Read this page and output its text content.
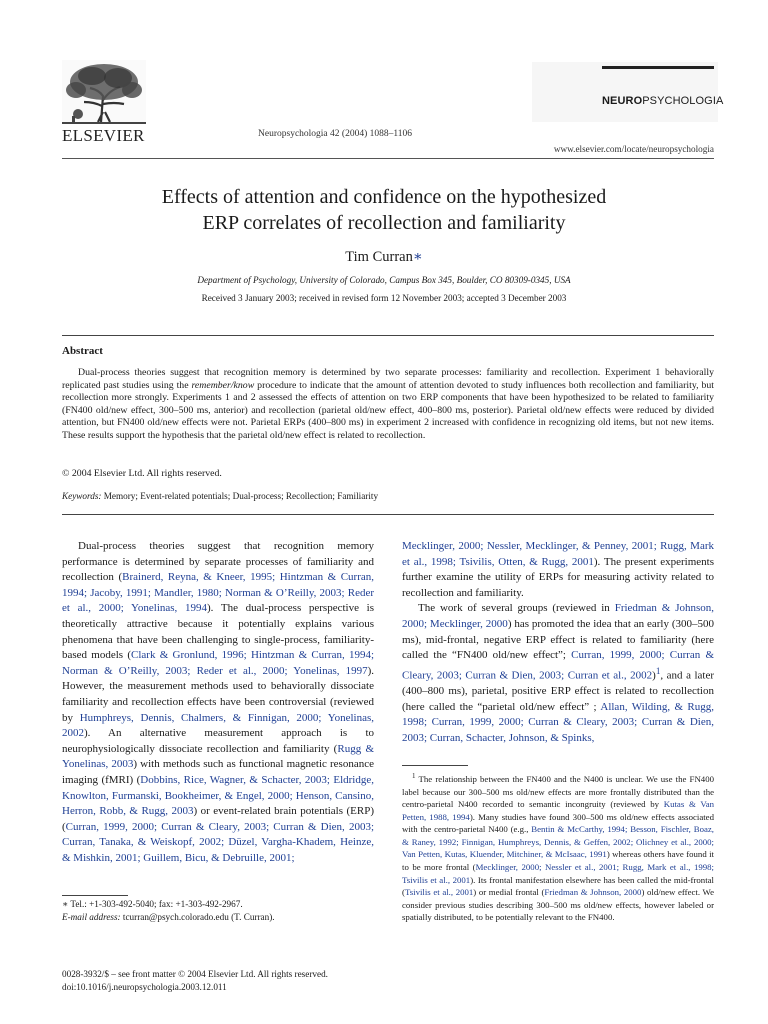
ELSEVIER	Neuropsychologia 42 (2004) 1088–1106
NEUROPSYCHOLOGIA
www.elsevier.com/locate/neuropsychologia
Effects of attention and confidence on the hypothesized
ERP correlates of recollection and familiarity
Tim Curran∗
Department of Psychology, University of Colorado, Campus Box 345, Boulder, CO 80309-0345, USA
Received 3 January 2003; received in revised form 12 November 2003; accepted 3 December 2003
Abstract
Dual-process theories suggest that recognition memory is determined by two separate processes: familiarity and recollection. Experiment 1 behaviorally replicated past studies using the remember/know procedure to indicate that the amount of attention devoted to study influences both recollection and familiarity, but recollection more strongly. Experiments 1 and 2 assessed the effects of attention on two ERP components that have been hypothesized to be related to familiarity (FN400 old/new effect, 300–500 ms, anterior) and recollection (parietal old/new effect, 400–800 ms, posterior). Parietal old/new effects were reduced by divided attention, but FN400 old/new effects were not. Parietal ERPs (400–800 ms) in experiment 2 increased with confidence in recognizing old items, but not new items. These results support the hypothesis that the parietal old/new effect is related to recollection.
© 2004 Elsevier Ltd. All rights reserved.
Keywords: Memory; Event-related potentials; Dual-process; Recollection; Familiarity

Dual-process theories suggest that recognition memory performance is determined by separate processes of familiarity and recollection (Brainerd, Reyna, & Kneer, 1995; Hintzman & Curran, 1994; Jacoby, 1991; Mandler, 1980; Norman & O’Reilly, 2003; Reder et al., 2000; Yonelinas, 1994). The dual-process perspective is theoretically attractive because it potentially explains various phenomena that have been challenging to single-process, familiarity-based models (Clark & Gronlund, 1996; Hintzman & Curran, 1994; Norman & O’Reilly, 2003; Reder et al., 2000; Yonelinas, 1997). However, the measurement methods used to behaviorally dissociate familiarity and recollection effects have been controversial (reviewed by Humphreys, Dennis, Chalmers, & Finnigan, 2000; Yonelinas, 2002). An alternative measurement approach is to neurophysiologically dissociate recollection and familiarity (Rugg & Yonelinas, 2003) with methods such as functional magnetic resonance imaging (fMRI) (Dobbins, Rice, Wagner, & Schacter, 2003; Eldridge, Knowlton, Furmanski, Bookheimer, & Engel, 2000; Henson, Cansino, Herron, Robb, & Rugg, 2003) or event-related brain potentials (ERP) (Curran, 1999, 2000; Curran & Cleary, 2003; Curran & Dien, 2003; Curran, Tanaka, & Weiskopf, 2002; Düzel, Vargha-Khadem, Heinze, & Mishkin, 2001; Guillem, Bicu, & Debruille, 2001;

∗ Tel.: +1-303-492-5040; fax: +1-303-492-2967.
E-mail address: tcurran@psych.colorado.edu (T. Curran).

Mecklinger, 2000; Nessler, Mecklinger, & Penney, 2001; Rugg, Mark et al., 1998; Tsivilis, Otten, & Rugg, 2001). The present experiments further examine the utility of ERPs for measuring activity related to recollection and familiarity.

The work of several groups (reviewed in Friedman & Johnson, 2000; Mecklinger, 2000) has promoted the idea that an early (300–500 ms), mid-frontal, negative ERP effect is related to familiarity (here called the “FN400 old/new effect”; Curran, 1999, 2000; Curran & Cleary, 2003; Curran & Dien, 2003; Curran et al., 2002)$^1$, and a later (400–800 ms), parietal, positive ERP effect is related to recollection (here called the “parietal old/new effect” ; Allan, Wilding, & Rugg, 1998; Curran, 1999, 2000; Curran & Cleary, 2003; Curran & Dien, 2003; Curran, Schacter, Johnson, & Spinks,

$^1$ The relationship between the FN400 and the N400 is unclear. We use the FN400 label because our 300–500 ms old/new effects are more frontally distributed than the centro-parietal N400 recorded to semantic incongruity (reviewed by Kutas & Van Petten, 1988, 1994). Many studies have found 300–500 ms old/new effects associated with the centro-parietal N400 (e.g., Bentin & McCarthy, 1994; Besson, Fischler, Boaz, & Raney, 1992; Finnigan, Humphreys, Dennis, & Geffen, 2002; Olichney et al., 2000; Van Petten, Kutas, Kluender, Mitchiner, & McIsaac, 1991) whereas others have found it to be more frontal (Mecklinger, 2000; Nessler et al., 2001; Rugg, Mark et al., 1998; Tsivilis et al., 2001). Its frontal manifestation elsewhere has been called the mid-frontal (Tsivilis et al., 2001) or medial frontal (Friedman & Johnson, 2000) old/new effect. We consider previous studies describing 300–500 ms old/new effects, however labeled or spatially distributed, to be potentially relevant to the FN400.
0028-3932/$ – see front matter © 2004 Elsevier Ltd. All rights reserved.
doi:10.1016/j.neuropsychologia.2003.12.011
